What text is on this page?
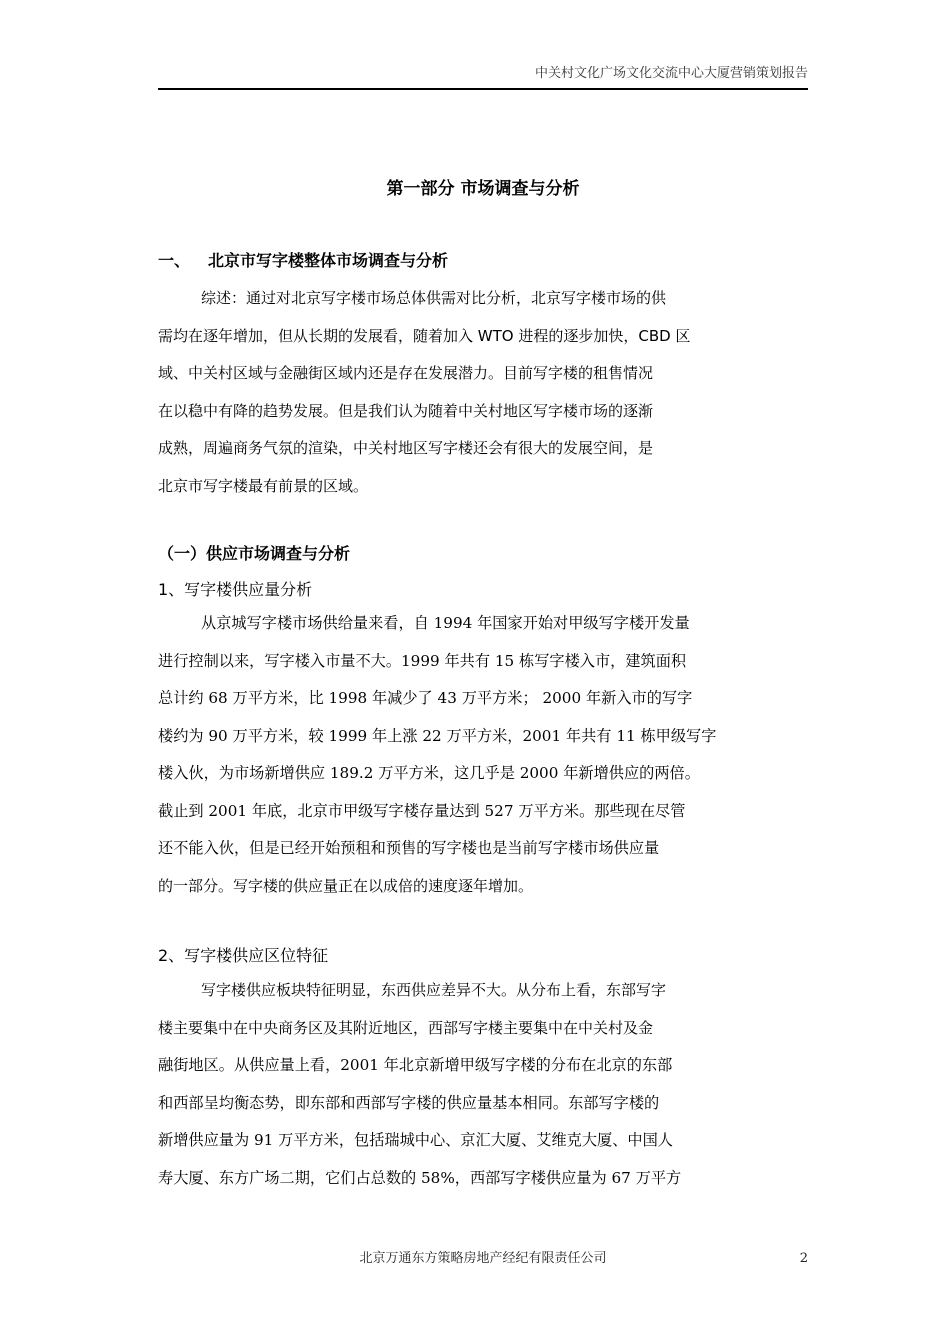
中关村文化广场文化交流中心大厦营销策划报告
第一部分 市场调查与分析
一、 北京市写字楼整体市场调查与分析
综述：通过对北京写字楼市场总体供需对比分析，北京写字楼市场的供
需均在逐年增加，但从长期的发展看，随着加入 WTO 进程的逐步加快，CBD 区
域、中关村区域与金融街区域内还是存在发展潜力。目前写字楼的租售情况
在以稳中有降的趋势发展。但是我们认为随着中关村地区写字楼市场的逐渐
成熟，周遍商务气氛的渲染，中关村地区写字楼还会有很大的发展空间，是
北京市写字楼最有前景的区域。
（一）供应市场调查与分析
1、写字楼供应量分析
从京城写字楼市场供给量来看，自 1994 年国家开始对甲级写字楼开发量
进行控制以来，写字楼入市量不大。1999 年共有 15 栋写字楼入市，建筑面积
总计约 68 万平方米，比 1998 年减少了 43 万平方米； 2000 年新入市的写字
楼约为 90 万平方米，较 1999 年上涨 22 万平方米，2001 年共有 11 栋甲级写字
楼入伙，为市场新增供应 189.2 万平方米，这几乎是 2000 年新增供应的两倍。
截止到 2001 年底，北京市甲级写字楼存量达到 527 万平方米。那些现在尽管
还不能入伙，但是已经开始预租和预售的写字楼也是当前写字楼市场供应量
的一部分。写字楼的供应量正在以成倍的速度逐年增加。
2、写字楼供应区位特征
写字楼供应板块特征明显，东西供应差异不大。从分布上看，东部写字
楼主要集中在中央商务区及其附近地区，西部写字楼主要集中在中关村及金
融街地区。从供应量上看，2001 年北京新增甲级写字楼的分布在北京的东部
和西部呈均衡态势，即东部和西部写字楼的供应量基本相同。东部写字楼的
新增供应量为 91 万平方米，包括瑞城中心、京汇大厦、艾维克大厦、中国人
寿大厦、东方广场二期，它们占总数的 58%，西部写字楼供应量为 67 万平方
北京万通东方策略房地产经纪有限责任公司	2
